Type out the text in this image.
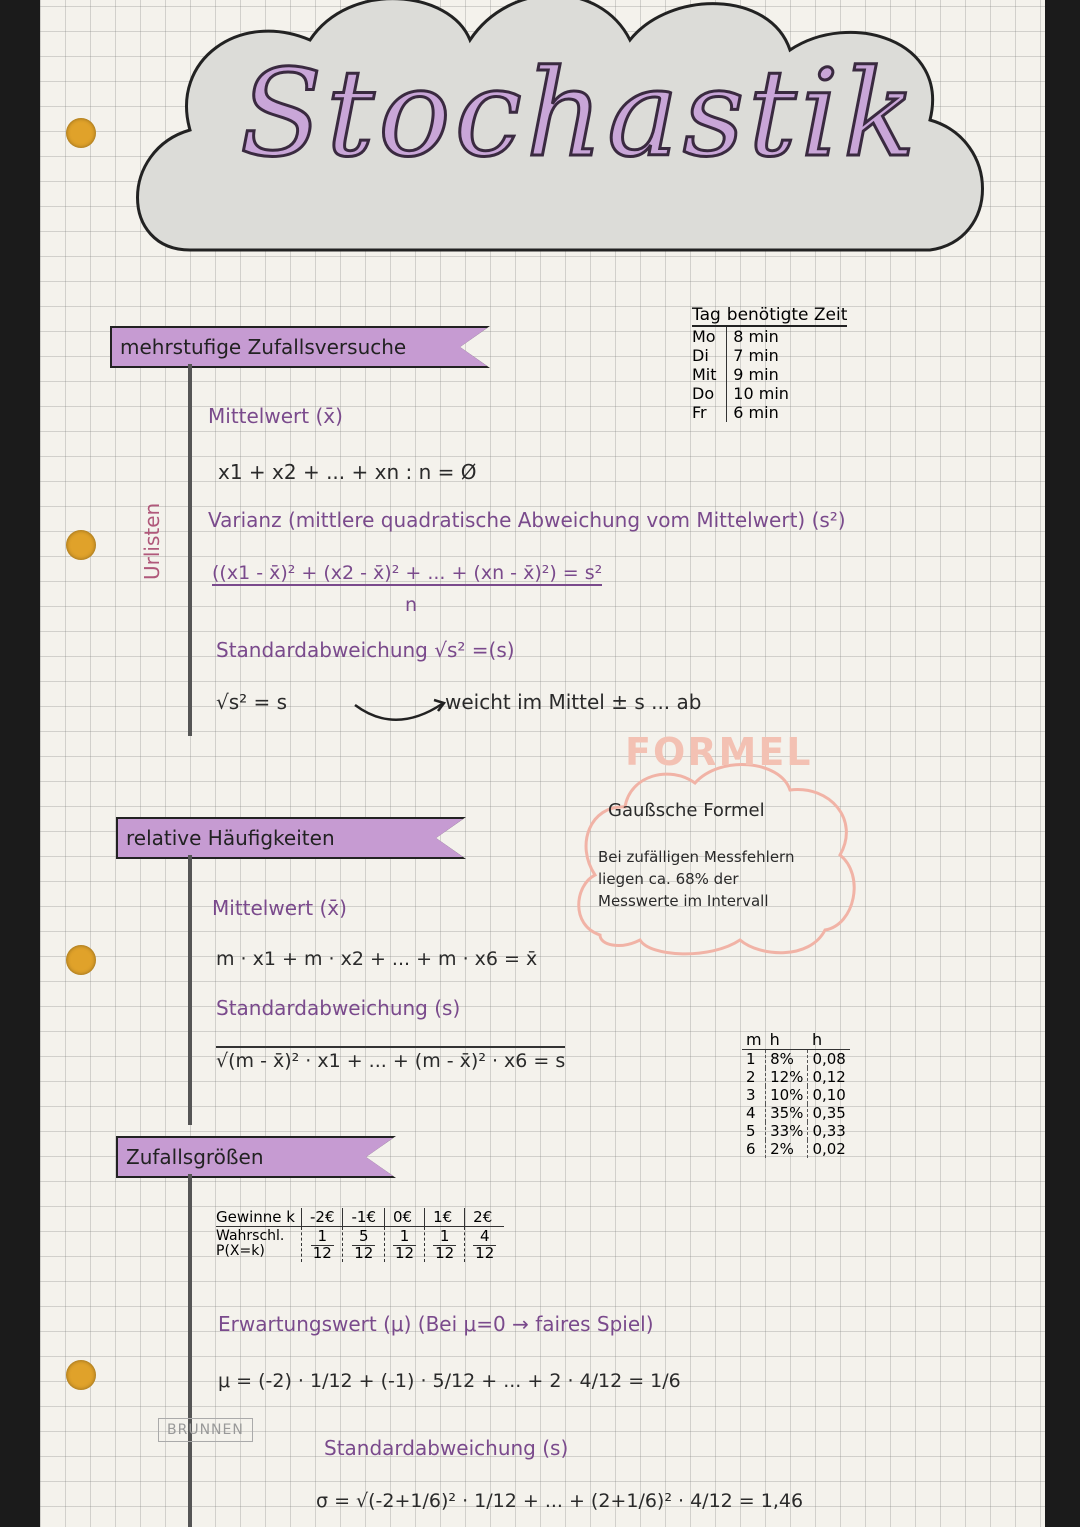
Stochastik
mehrstufige Zufallsversuche
Urlisten
Mittelwert (x̄)
x1 + x2 + ... + xn : n = Ø
Varianz (mittlere quadratische Abweichung vom Mittelwert) (s²)
((x1 - x̄)² + (x2 - x̄)² + ... + (xn - x̄)²) = s²
n
Standardabweichung √s² =(s)
√s² = s	weicht im Mittel ± s ... ab
Tag	benötigte Zeit
Mo	8 min
Di	7 min
Mit	9 min
Do	10 min
Fr	6 min
FORMEL
Gaußsche Formel
Bei zufälligen Messfehlern
liegen ca. 68% der
Messwerte im Intervall
relative Häufigkeiten
Mittelwert (x̄)
m · x1 + m · x2 + ... + m · x6 = x̄
Standardabweichung (s)
√(m - x̄)² · x1 + ... + (m - x̄)² · x6 = s
m	h	h
1	8%	0,08
2	12%	0,12
3	10%	0,10
4	35%	0,35
5	33%	0,33
6	2%	0,02
Zufallsgrößen
Gewinne k	-2€	-1€	0€	1€	2€
Wahrschl.
P(X=k)	$\frac{1}{12}$	$\frac{5}{12}$	$\frac{1}{12}$	$\frac{1}{12}$	$\frac{4}{12}$
Erwartungswert (μ) (Bei μ=0 → faires Spiel)
μ = (-2) · 1/12 + (-1) · 5/12 + ... + 2 · 4/12 = 1/6
Standardabweichung (s)
σ = √(-2+1/6)² · 1/12 + ... + (2+1/6)² · 4/12 = 1,46
BRUNNEN
